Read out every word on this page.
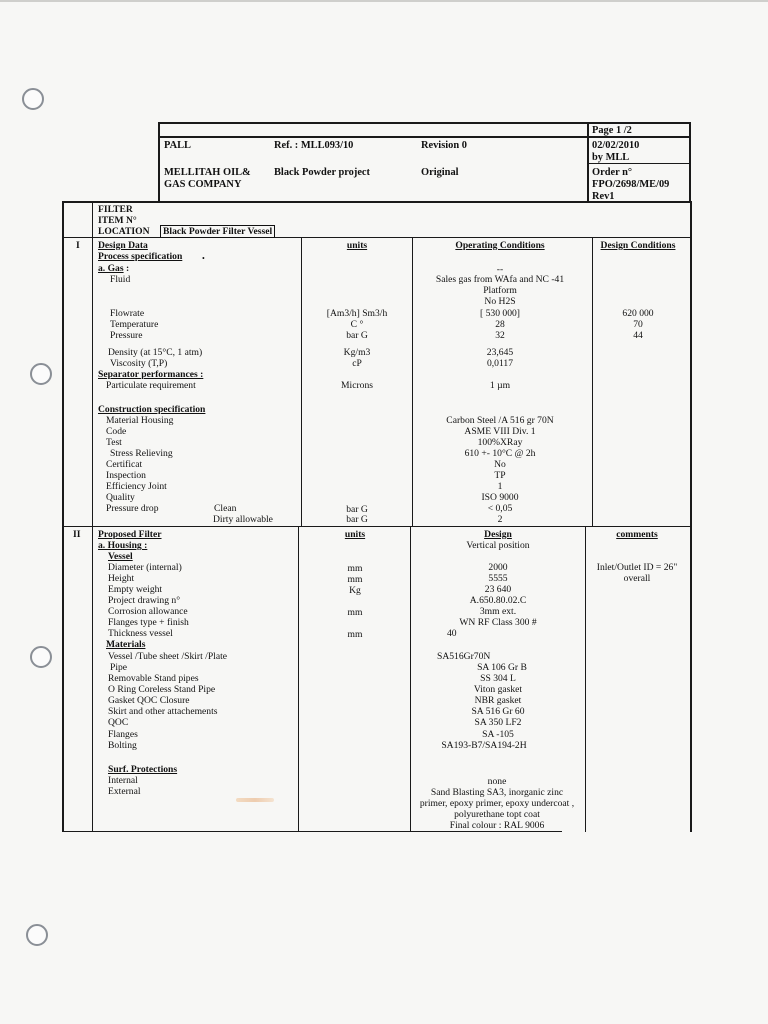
Page 1 /2
PALL	Ref. : MLL093/10	Revision 0	02/02/2010
by MLL
MELLITAH OIL&
GAS COMPANY
Black Powder project	Original	Order n°
FPO/2698/ME/09
Rev1
FILTER
ITEM N°
LOCATION	Black Powder Filter Vessel
I Design Data	units	Operating Conditions	Design Conditions
Process specification •
a. Gas :
Fluid
--
Sales gas from WAfa and NC -41
Platform
No H2S
Flowrate	[Am3/h] Sm3/h	[ 530 000]	620 000
Temperature	C °	28	70
Pressure	bar G	32	44
Density (at 15°C, 1 atm)	Kg/m3	23,645
Viscosity (T,P)	cP	0,0117
Separator performances :
Particulate requirement	Microns	1 µm
Construction specification
Material Housing	Carbon Steel /A 516 gr 70N
Code	ASME VIII Div. 1
Test	100%XRay
Stress Relieving	610 +- 10°C @ 2h
Certificat	No
Inspection	TP
Efficiency Joint	1
Quality	ISO 9000
Pressure drop	Clean	bar G	< 0,05
Dirty allowable	bar G	2
II Proposed Filter	units	Design	comments
a. Housing :	Vertical position
Vessel
Diameter (internal)	mm	2000	Inlet/Outlet ID = 26"
overall
Height	mm	5555
Empty weight	Kg	23 640
Project drawing n°	A.650.80.02.C
Corrosion allowance	mm	3mm ext.
Flanges type + finish	WN RF Class 300 #
Thickness vessel	mm	40
Materials
Vessel /Tube sheet /Skirt /Plate	SA516Gr70N
Pipe	SA 106 Gr B
Removable Stand pipes	SS 304 L
O Ring Coreless Stand Pipe	Viton gasket
Gasket QOC Closure	NBR gasket
Skirt and other attachements	SA 516 Gr 60
QOC	SA 350 LF2
Flanges	SA -105
Bolting	SA193-B7/SA194-2H
Surf. Protections
Internal	none
External	Sand Blasting SA3, inorganic zinc
primer, epoxy primer, epoxy undercoat ,
polyurethane topt coat
Final colour : RAL 9006
